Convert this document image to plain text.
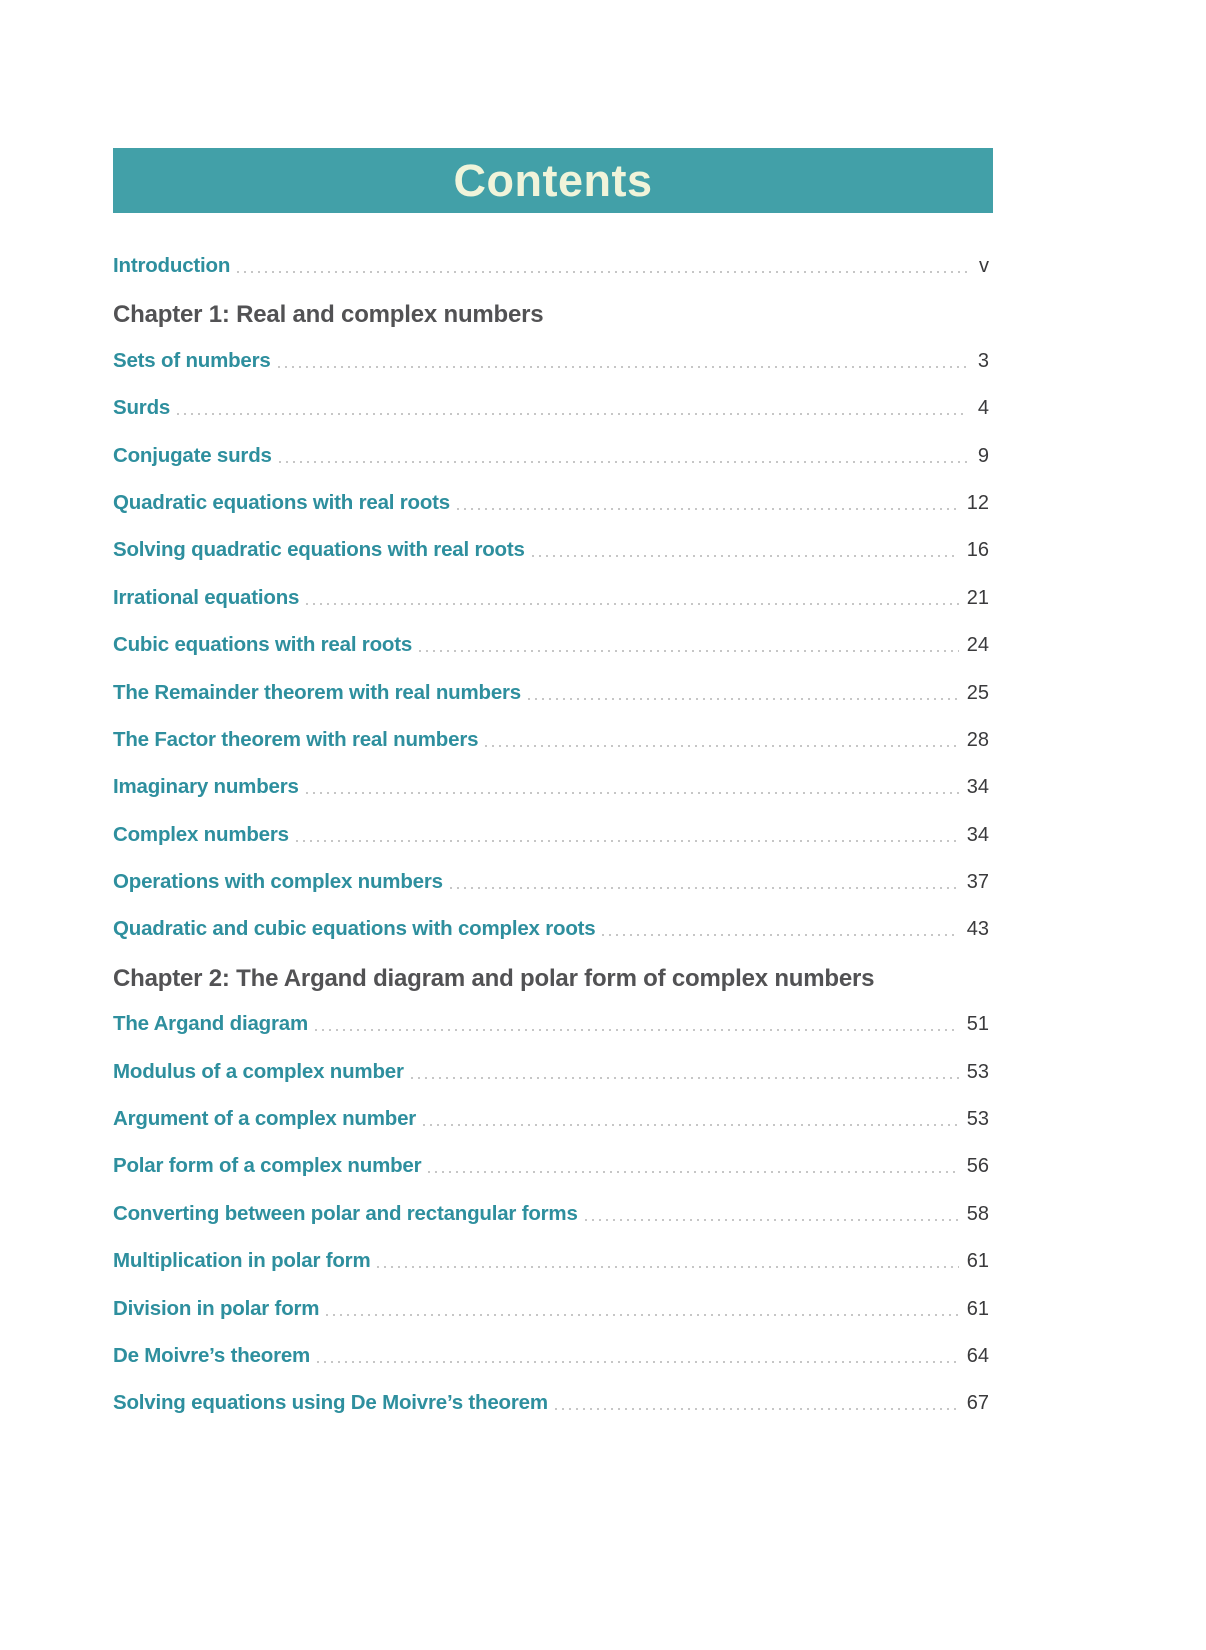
Contents
Introduction	v
Chapter 1: Real and complex numbers
Sets of numbers	3
Surds	4
Conjugate surds	9
Quadratic equations with real roots	12
Solving quadratic equations with real roots	16
Irrational equations	21
Cubic equations with real roots	24
The Remainder theorem with real numbers	25
The Factor theorem with real numbers	28
Imaginary numbers	34
Complex numbers	34
Operations with complex numbers	37
Quadratic and cubic equations with complex roots	43
Chapter 2: The Argand diagram and polar form of complex numbers
The Argand diagram	51
Modulus of a complex number	53
Argument of a complex number	53
Polar form of a complex number	56
Converting between polar and rectangular forms	58
Multiplication in polar form	61
Division in polar form	61
De Moivre’s theorem	64
Solving equations using De Moivre’s theorem	67
